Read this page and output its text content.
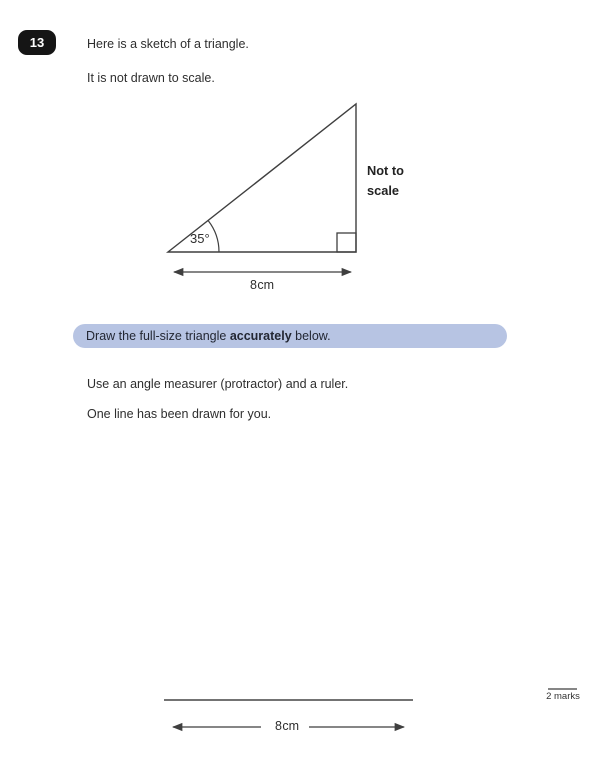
13	Here is a sketch of a triangle.
It is not drawn to scale.
35°
Not to
scale
8 cm
Draw the full-size triangle accurately below.
Use an angle measurer (protractor) and a ruler.
One line has been drawn for you.
8 cm
2 marks
